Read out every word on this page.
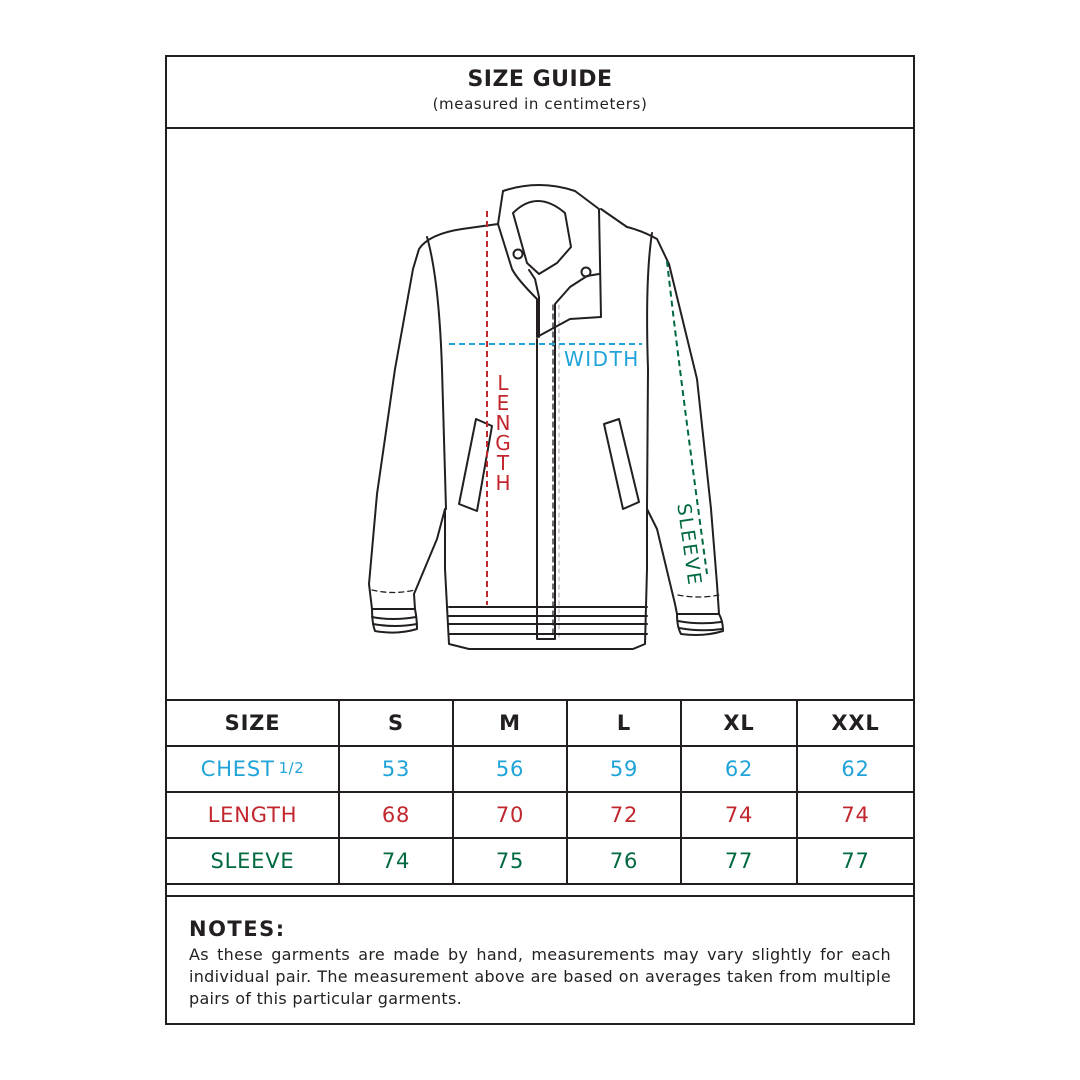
SIZE GUIDE
(measured in centimeters)
WIDTH
LENGTH
SLEEVE
SIZE	S	M	L	XL	XXL
CHEST 1/2	53	56	59	62	62
LENGTH	68	70	72	74	74
SLEEVE	74	75	76	77	77
NOTES:
As these garments are made by hand, measurements may vary slightly for each individual pair. The measurement above are based on averages taken from multiple pairs of this particular garments.
